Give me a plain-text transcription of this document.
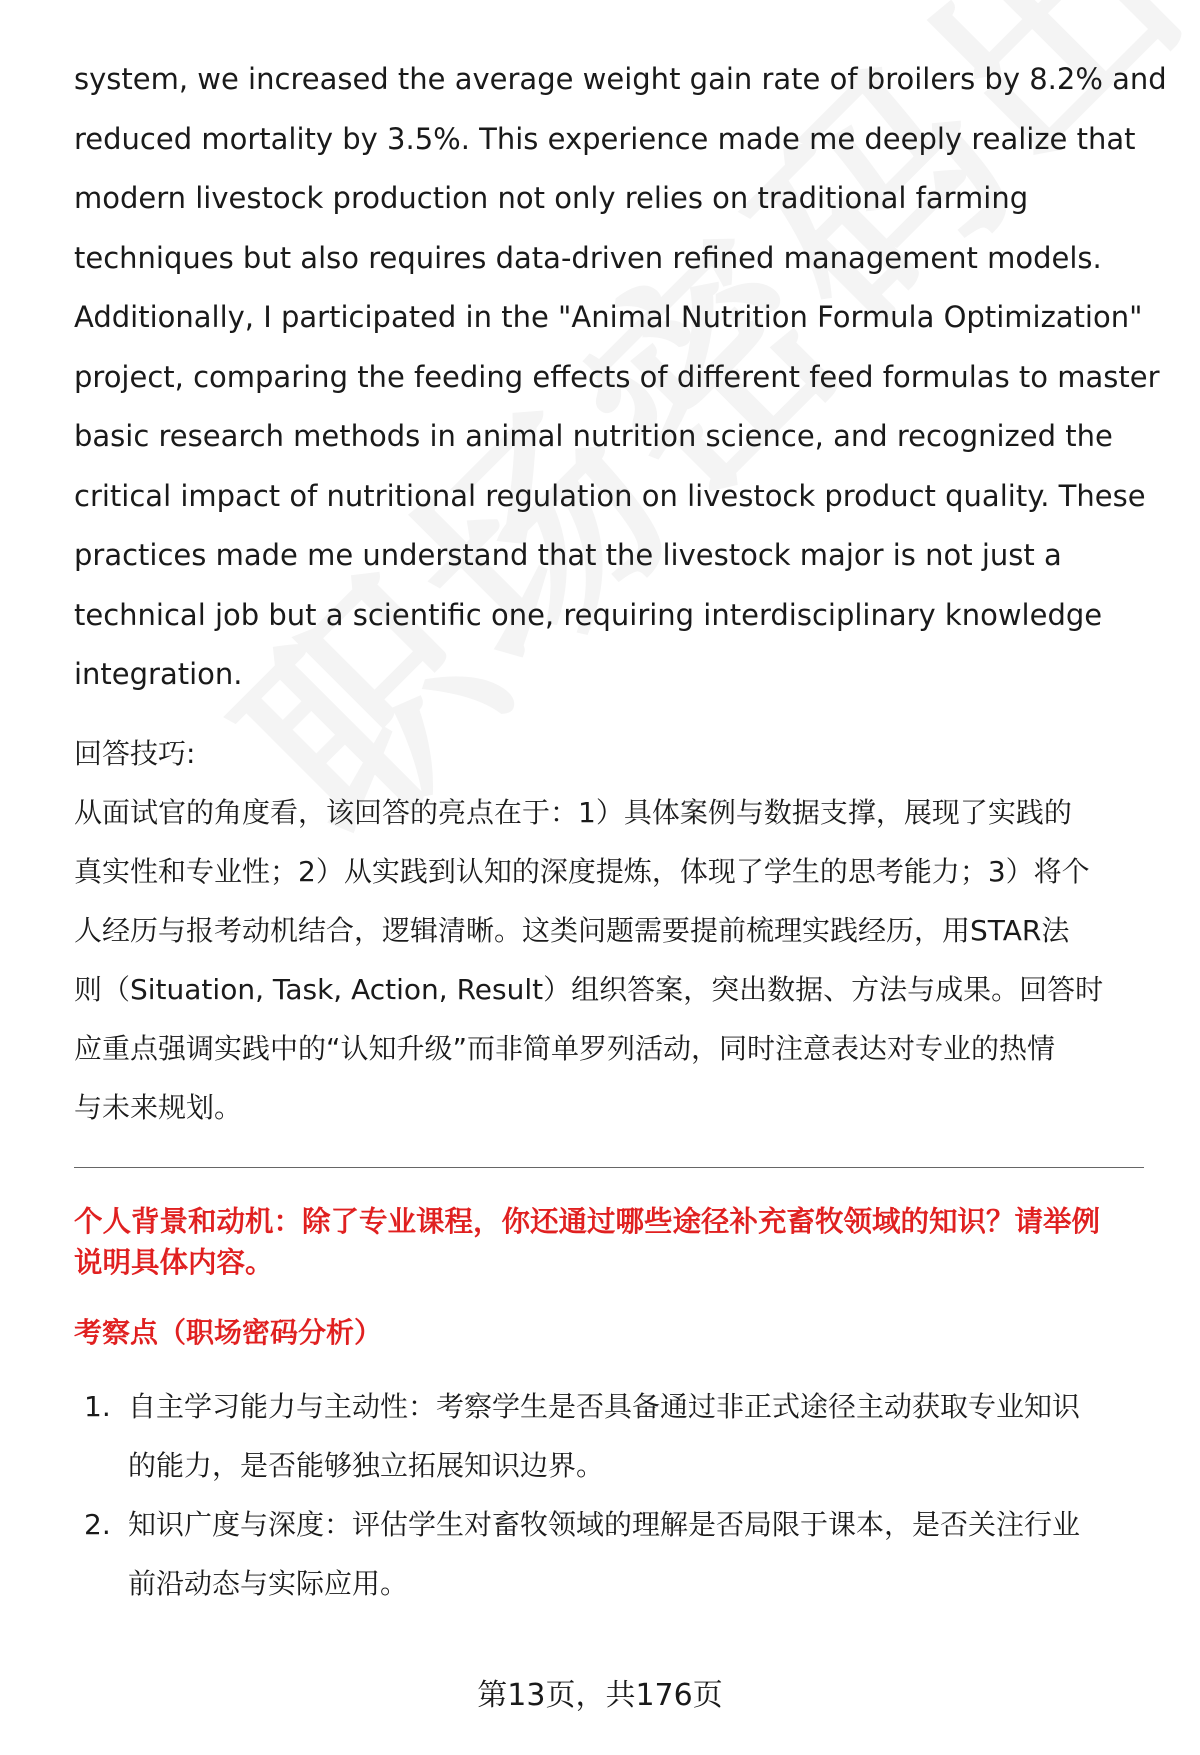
system, we increased the average weight gain rate of broilers by 8.2% and
reduced mortality by 3.5%. This experience made me deeply realize that
modern livestock production not only relies on traditional farming
techniques but also requires data-driven refined management models.
Additionally, I participated in the "Animal Nutrition Formula Optimization"
project, comparing the feeding effects of different feed formulas to master
basic research methods in animal nutrition science, and recognized the
critical impact of nutritional regulation on livestock product quality. These
practices made me understand that the livestock major is not just a
technical job but a scientific one, requiring interdisciplinary knowledge
integration.
回答技巧:
从面试官的角度看，该回答的亮点在于：1）具体案例与数据支撑，展现了实践的
真实性和专业性；2）从实践到认知的深度提炼，体现了学生的思考能力；3）将个
人经历与报考动机结合，逻辑清晰。这类问题需要提前梳理实践经历，用STAR法
则（Situation, Task, Action, Result）组织答案，突出数据、方法与成果。回答时
应重点强调实践中的“认知升级”而非简单罗列活动，同时注意表达对专业的热情
与未来规划。
个人背景和动机：除了专业课程，你还通过哪些途径补充畜牧领域的知识？请举例
说明具体内容。
考察点（职场密码分析）
1. 自主学习能力与主动性：考察学生是否具备通过非正式途径主动获取专业知识
的能力，是否能够独立拓展知识边界。
2. 知识广度与深度：评估学生对畜牧领域的理解是否局限于课本，是否关注行业
前沿动态与实际应用。
第13页，共176页
